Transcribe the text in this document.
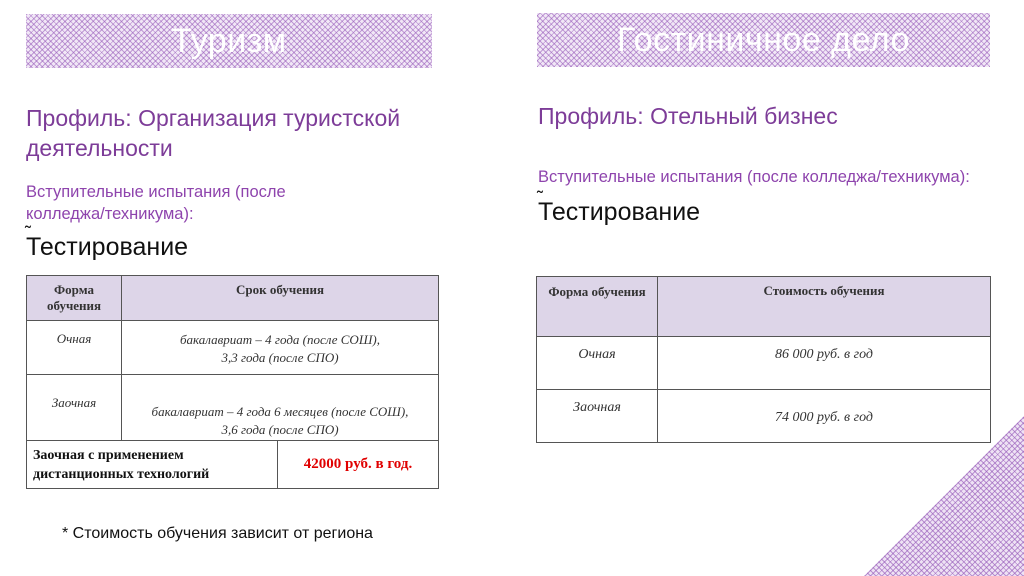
Туризм	Гостиничное дело
Профиль: Организация туристской
деятельности
Вступительные испытания (после
колледжа/техникума):
˜ Тестирование
Форма обучения	Срок обучения	
Очная	бакалавриат – 4 года (после СОШ),
3,3 года (после СПО)	

Заочная	бакалавриат – 4 года 6 месяцев (после СОШ),
3,6 года (после СПО)	

Заочная с применением
дистанционных технологий		42000 руб. в год.
Профиль: Отельный бизнес
Вступительные испытания (после колледжа/техникума):
˜ Тестирование
Форма обучения	Стоимость обучения
Очная	86 000 руб. в год
Заочная	74 000 руб. в год
* Стоимость обучения зависит от региона
